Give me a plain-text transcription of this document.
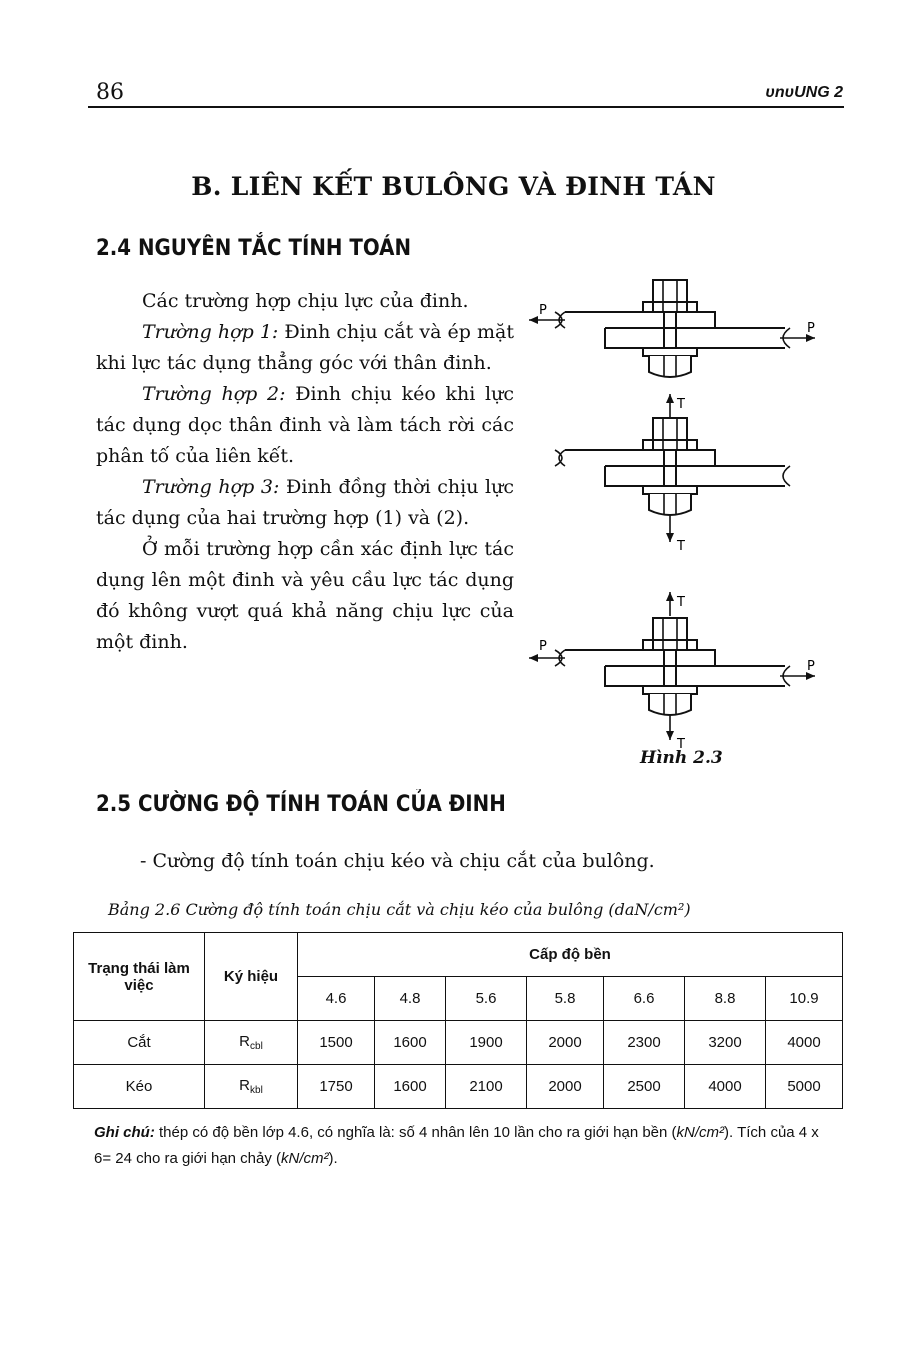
86	ᴜnᴜUNG 2
B. LIÊN KẾT BULÔNG VÀ ĐINH TÁN
2.4 NGUYÊN TẮC TÍNH TOÁN

Các trường hợp chịu lực của đinh.

Trường hợp 1: Đinh chịu cắt và ép mặt khi lực tác dụng thẳng góc với thân đinh.

Trường hợp 2: Đinh chịu kéo khi lực tác dụng dọc thân đinh và làm tách rời các phân tố của liên kết.

Trường hợp 3: Đinh đồng thời chịu lực tác dụng của hai trường hợp (1) và (2).

Ở mỗi trường hợp cần xác định lực tác dụng lên một đinh và yêu cầu lực tác dụng đó không vượt quá khả năng chịu lực của một đinh.

P
P
T
T
T
P
P
T
Hình 2.3
2.5 CƯỜNG ĐỘ TÍNH TOÁN CỦA ĐINH
- Cường độ tính toán chịu kéo và chịu cắt của bulông.
Bảng 2.6 Cường độ tính toán chịu cắt và chịu kéo của bulông (daN/cm²)
Trạng thái làm việc	Ký hiệu	Cấp độ bền						
		4.6	4.8	5.6	5.8	6.6	8.8	10.9
Cắt	$R_{cbl}$	1500	1600	1900	2000	2300	3200	4000
Kéo	$R_{kbl}$	1750	1600	2100	2000	2500	4000	5000
Ghi chú: thép có độ bền lớp 4.6, có nghĩa là: số 4 nhân lên 10 lần cho ra giới hạn bền (kN/cm²). Tích của 4 x 6= 24 cho ra giới hạn chảy (kN/cm²).
